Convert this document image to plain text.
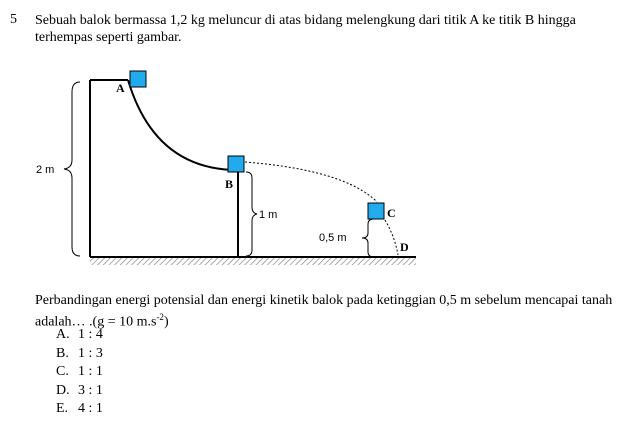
5 Sebuah balok bermassa 1,2 kg meluncur di atas bidang melengkung dari titik A ke titik B hingga terhempas seperti gambar.
A
B
C
D
2 m
1 m
0,5 m
Perbandingan energi potensial dan energi kinetik balok pada ketinggian 0,5 m sebelum mencapai tanah
adalah… .(g = 10 $m.s^{-2}$)
A. 1 : 4
B. 1 : 3
C. 1 : 1
D. 3 : 1
E. 4 : 1
